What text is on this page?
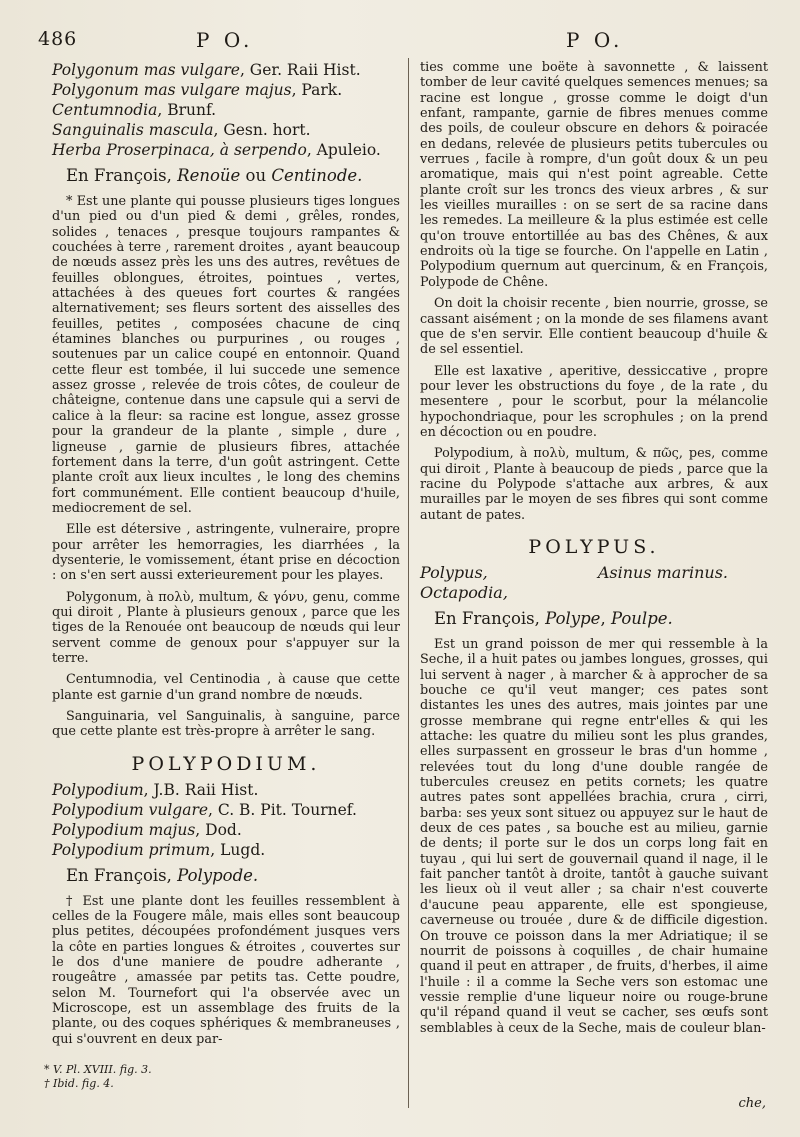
486	P O.	P O.

Polygonum mas vulgare, Ger. Raii Hist.

Polygonum mas vulgare majus, Park.

Centumnodia, Brunf.

Sanguinalis mascula, Gesn. hort.

Herba Proserpinaca, à serpendo, Apuleio.

En François, Renoüe ou Centinode.

* Est une plante qui pousse plusieurs tiges longues d'un pied ou d'un pied & demi , grêles, rondes, solides , tenaces , presque toujours rampantes & couchées à terre , rarement droites , ayant beaucoup de nœuds assez près les uns des autres, revêtues de feuilles oblongues, étroites, pointues , vertes, attachées à des queues fort courtes & rangées alternativement; ses fleurs sortent des aisselles des feuilles, petites , composées chacune de cinq étamines blanches ou purpurines , ou rouges , soutenues par un calice coupé en entonnoir. Quand cette fleur est tombée, il lui succede une semence assez grosse , relevée de trois côtes, de couleur de châteigne, contenue dans une capsule qui a servi de calice à la fleur: sa racine est longue, assez grosse pour la grandeur de la plante , simple , dure , ligneuse , garnie de plusieurs fibres, attachée fortement dans la terre, d'un goût astringent. Cette plante croît aux lieux incultes , le long des chemins fort communément. Elle contient beaucoup d'huile, mediocrement de sel.

Elle est détersive , astringente, vulneraire, propre pour arrêter les hemorragies, les diarrhées , la dysenterie, le vomissement, étant prise en décoction : on s'en sert aussi exterieurement pour les playes.

Polygonum, à πολὺ, multum, & γόνυ, genu, comme qui diroit , Plante à plusieurs genoux , parce que les tiges de la Renouée ont beaucoup de nœuds qui leur servent comme de genoux pour s'appuyer sur la terre.

Centumnodia, vel Centinodia , à cause que cette plante est garnie d'un grand nombre de nœuds.

Sanguinaria, vel Sanguinalis, à sanguine, parce que cette plante est très-propre à arrêter le sang.

POLYPODIUM.

Polypodium, J.B. Raii Hist.

Polypodium vulgare, C. B. Pit. Tournef.

Polypodium majus, Dod.

Polypodium primum, Lugd.

En François, Polypode.

† Est une plante dont les feuilles ressemblent à celles de la Fougere mâle, mais elles sont beaucoup plus petites, découpées profondément jusques vers la côte en parties longues & étroites , couvertes sur le dos d'une maniere de poudre adherante , rougeâtre , amassée par petits tas. Cette poudre, selon M. Tournefort qui l'a observée avec un Microscope, est un assemblage des fruits de la plante, ou des coques sphériques & membraneuses , qui s'ouvrent en deux par-

* V. Pl. XVIII. fig. 3.
† Ibid. fig. 4.

ties comme une boëte à savonnette , & laissent tomber de leur cavité quelques semences menues; sa racine est longue , grosse comme le doigt d'un enfant, rampante, garnie de fibres menues comme des poils, de couleur obscure en dehors & poiracée en dedans, relevée de plusieurs petits tubercules ou verrues , facile à rompre, d'un goût doux & un peu aromatique, mais qui n'est point agreable. Cette plante croît sur les troncs des vieux arbres , & sur les vieilles murailles : on se sert de sa racine dans les remedes. La meilleure & la plus estimée est celle qu'on trouve entortillée au bas des Chênes, & aux endroits où la tige se fourche. On l'appelle en Latin , Polypodium quernum aut quercinum, & en François, Polypode de Chêne.

On doit la choisir recente , bien nourrie, grosse, se cassant aisément ; on la monde de ses filamens avant que de s'en servir. Elle contient beaucoup d'huile & de sel essentiel.

Elle est laxative , aperitive, dessiccative , propre pour lever les obstructions du foye , de la rate , du mesentere , pour le scorbut, pour la mélancolie hypochondriaque, pour les scrophules ; on la prend en décoction ou en poudre.

Polypodium, à πολὺ, multum, & πῶς, pes, comme qui diroit , Plante à beaucoup de pieds , parce que la racine du Polypode s'attache aux arbres, & aux murailles par le moyen de ses fibres qui sont comme autant de pates.

POLYPUS.
Polypus,	Asinus marinus.
Octapodia,
En François, Polype, Poulpe.

Est un grand poisson de mer qui ressemble à la Seche, il a huit pates ou jambes longues, grosses, qui lui servent à nager , à marcher & à approcher de sa bouche ce qu'il veut manger; ces pates sont distantes les unes des autres, mais jointes par une grosse membrane qui regne entr'elles & qui les attache: les quatre du milieu sont les plus grandes, elles surpassent en grosseur le bras d'un homme , relevées tout du long d'une double rangée de tubercules creusez en petits cornets; les quatre autres pates sont appellées brachia, crura , cirri, barba: ses yeux sont situez ou appuyez sur le haut de deux de ces pates , sa bouche est au milieu, garnie de dents; il porte sur le dos un corps long fait en tuyau , qui lui sert de gouvernail quand il nage, il le fait pancher tantôt à droite, tantôt à gauche suivant les lieux où il veut aller ; sa chair n'est couverte d'aucune peau apparente, elle est spongieuse, caverneuse ou trouée , dure & de difficile digestion. On trouve ce poisson dans la mer Adriatique; il se nourrit de poissons à coquilles , de chair humaine quand il peut en attraper , de fruits, d'herbes, il aime l'huile : il a comme la Seche vers son estomac une vessie remplie d'une liqueur noire ou rouge-brune qu'il répand quand il veut se cacher, ses œufs sont semblables à ceux de la Seche, mais de couleur blan-

che,
